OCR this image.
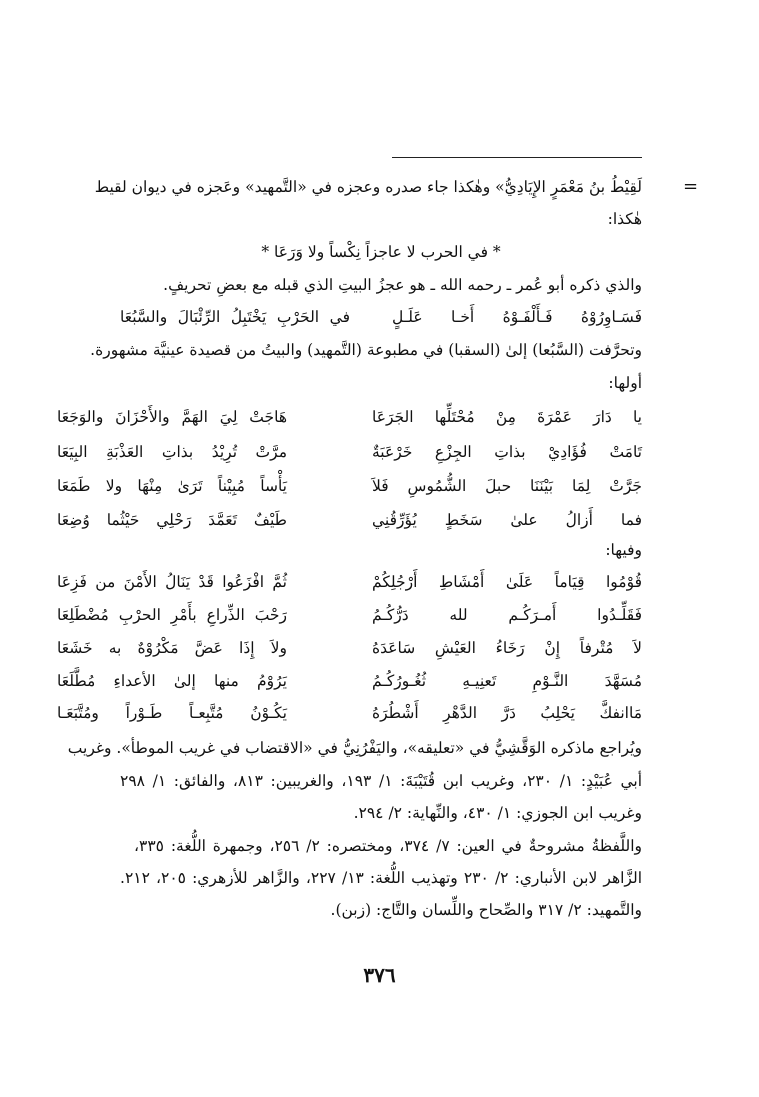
=
لَقِيْطُ بنُ مَعْمَرٍ الإِيَادِيُّ» وهٰكذا جاء صدره وعجزه في «التَّمهيد» وعَجزه في ديوان لقيط
هٰكذا:
* في الحرب لا عاجزاً نِكْساً ولا وَرَعَا *
والذي ذكره أبو عُمر ـ رحمه الله ـ هو عجزُ البيتِ الذي قبله مع بعضِ تحريفٍ.
فَسَـاوِرُوْهُ فَـأَلْفَـوْهُ أَخـا عَلَـلٍ
في الحَرْبِ يَخْتَبِلُ الرِّئْبَالَ والسَّبُعَا
وتحرَّفت (السَّبُعا) إلىٰ (السقبا) في مطبوعة (التَّمهيد) والبيتُ من قصيدة عينيَّة مشهورة.
أولها:
يا دَارَ عَمْرَةَ مِنْ مُحْتَلِّها الجَرَعَا
هَاجَتْ لِيَ الهَمَّ والأَحْزَانَ والوَجَعَا
تَامَتْ فُؤَادِيْ بذاتِ الجِزْعِ خَرْعَبَةٌ
مرَّتْ تُرِيْدُ بذاتِ العَذْبَةِ البِيَعَا
جَرَّتْ لِمَا بَيْنَنَا حبلَ الشُّمُوسِ فَلاَ
يَأْساً مُبِيْناً تَرَىٰ مِنْهَا ولا طَمَعَا
فما أَزالُ علىٰ سَخَطٍ يُؤَرِّقُنِي
طَيْفٌ تَعَمَّدَ رَحْلِي حَيْثُما وُضِعَا
وفيها:
قُوْمُوا قِيَاماً عَلَىٰ أَمْشَاطِ أَرْجُلِكُمْ
ثُمَّ افْزَعُوا قَدْ يَنَالُ الأَمْنَ من فَزِعَا
فَقَلِّـدُوا أَمـرَكُـم لله دَرُّكُـمُ
رَحْبَ الذِّراعِ بأَمْرِ الحرْبِ مُضْطَلِعَا
لاَ مُتْرفاً إِنْ رَخَاءُ العَيْشِ سَاعَدَهُ
ولاَ إِذَا عَضَّ مَكْرُوْهٌ به خَشَعَا
مُسَهَّدَ النَّـوْمِ تَعنِيـهِ ثُغُـورُكُـمُ
يَرُوْمُ منها إلىٰ الأعداءِ مُطَّلَعَا
مَاانفكَّ يَحْلِبُ دَرَّ الدَّهْرِ أَشْطُرَهُ
يَكُـوْنُ مُتَّبِعـاً طَـوْراً ومُتَّبَعَـا
ويُراجع ماذكره الوَقَّشِيُّ في «تعليقه»، واليَفْرُنِيُّ في «الاقتضاب في غريب الموطأ». وغريب
أبي عُبَيْدٍ: ١/ ٢٣٠، وغريب ابن قُتَيْبَةَ: ١/ ١٩٣، والغريبين: ٨١٣، والفائق: ١/ ٢٩٨
وغريب ابن الجوزي: ١/ ٤٣٠، والنِّهاية: ٢/ ٢٩٤.
واللَّفظةُ مشروحةٌ في العين: ٧/ ٣٧٤، ومختصره: ٢/ ٢٥٦، وجمهرة اللُّغة: ٣٣٥،
الزَّاهر لابن الأنباري: ٢/ ٢٣٠ وتهذيب اللُّغة: ١٣/ ٢٢٧، والزَّاهر للأزهري: ٢٠٥، ٢١٢.
والتَّمهيد: ٢/ ٣١٧ والصِّحاح واللِّسان والتَّاج: (زبن).
٣٧٦
